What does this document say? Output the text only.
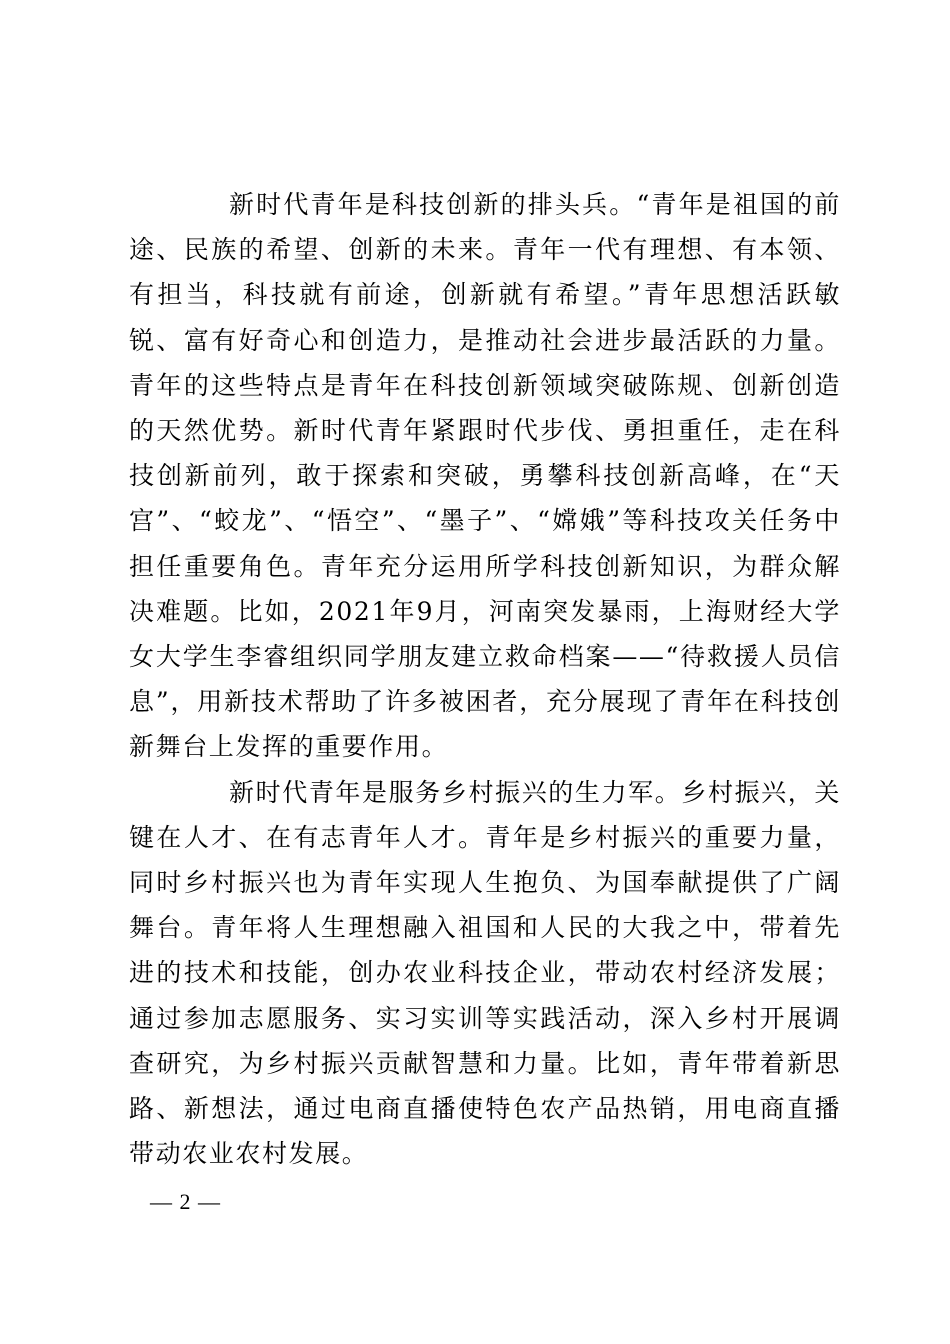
新时代青年是科技创新的排头兵。“青年是祖国的前途、民族的希望、创新的未来。青年一代有理想、有本领、有担当，科技就有前途，创新就有希望。”青年思想活跃敏锐、富有好奇心和创造力，是推动社会进步最活跃的力量。青年的这些特点是青年在科技创新领域突破陈规、创新创造的天然优势。新时代青年紧跟时代步伐、勇担重任，走在科技创新前列，敢于探索和突破，勇攀科技创新高峰，在“天宫”、“蛟龙”、“悟空”、“墨子”、“嫦娥”等科技攻关任务中担任重要角色。青年充分运用所学科技创新知识，为群众解决难题。比如，2021年9月，河南突发暴雨，上海财经大学女大学生李睿组织同学朋友建立救命档案——“待救援人员信息”，用新技术帮助了许多被困者，充分展现了青年在科技创新舞台上发挥的重要作用。

新时代青年是服务乡村振兴的生力军。乡村振兴，关键在人才、在有志青年人才。青年是乡村振兴的重要力量，同时乡村振兴也为青年实现人生抱负、为国奉献提供了广阔舞台。青年将人生理想融入祖国和人民的大我之中，带着先进的技术和技能，创办农业科技企业，带动农村经济发展；通过参加志愿服务、实习实训等实践活动，深入乡村开展调查研究，为乡村振兴贡献智慧和力量。比如，青年带着新思路、新想法，通过电商直播使特色农产品热销，用电商直播带动农业农村发展。

— 2 —
